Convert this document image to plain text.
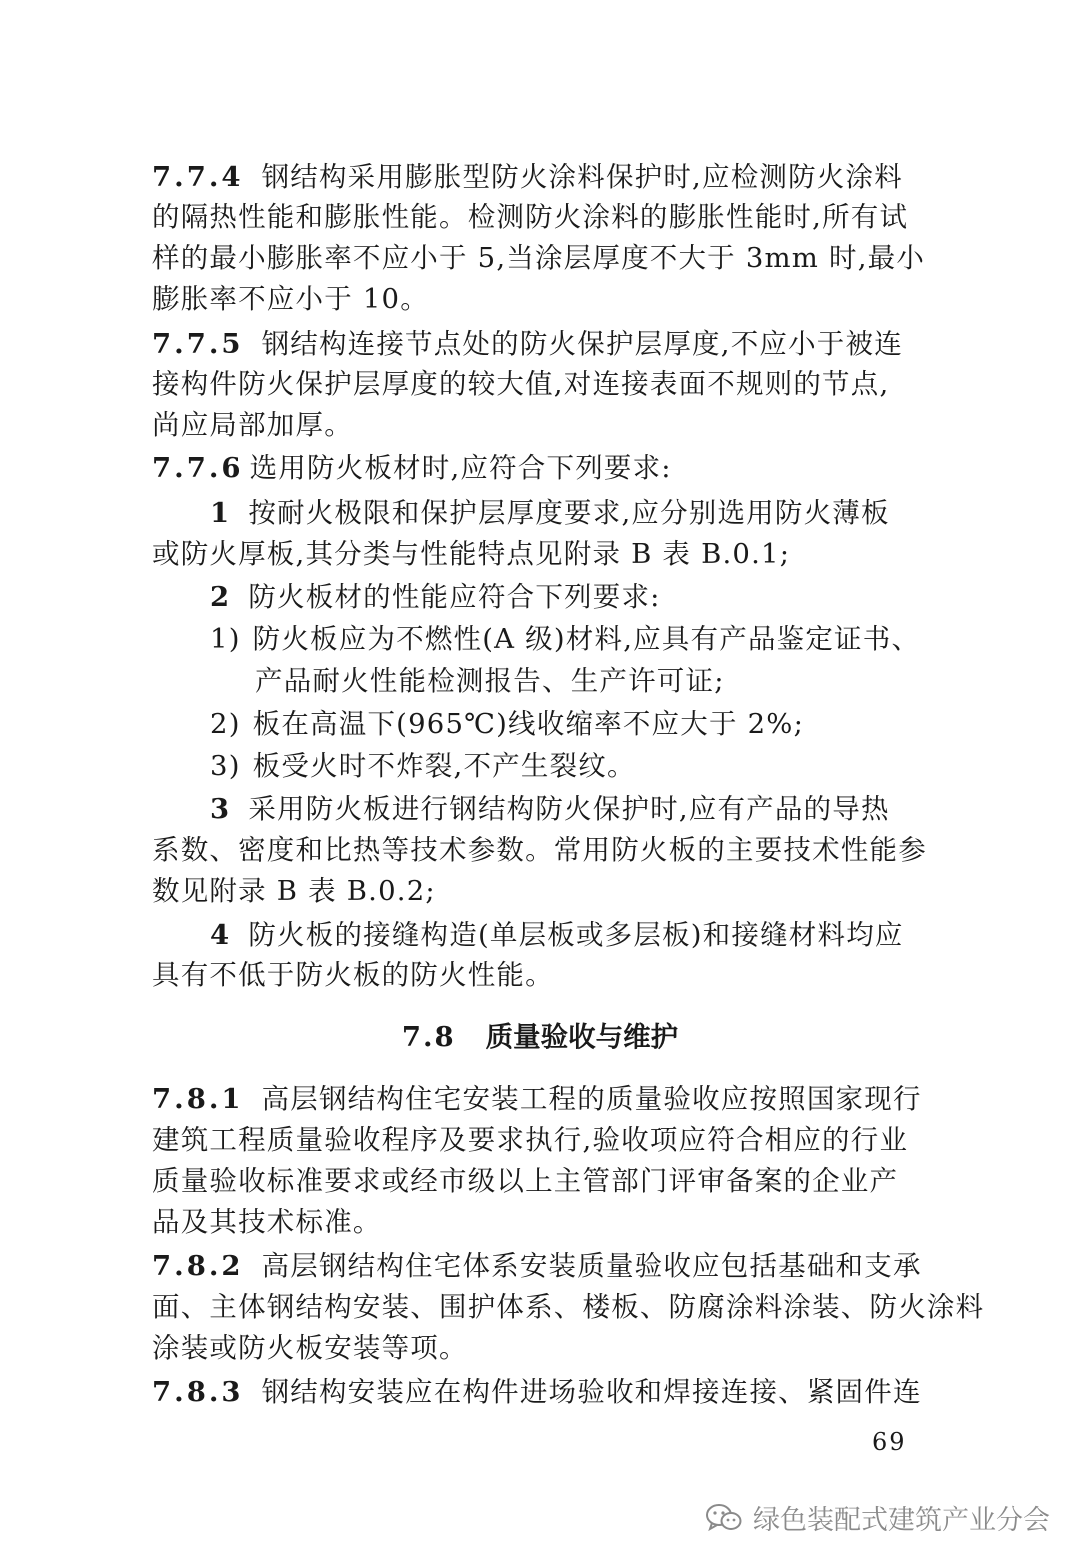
7.7.4 钢结构采用膨胀型防火涂料保护时,应检测防火涂料
的隔热性能和膨胀性能。检测防火涂料的膨胀性能时,所有试
样的最小膨胀率不应小于 5,当涂层厚度不大于 3mm 时,最小
膨胀率不应小于 10。
7.7.5 钢结构连接节点处的防火保护层厚度,不应小于被连
接构件防火保护层厚度的较大值,对连接表面不规则的节点,
尚应局部加厚。
7.7.6 选用防火板材时,应符合下列要求:
1 按耐火极限和保护层厚度要求,应分别选用防火薄板
或防火厚板,其分类与性能特点见附录 B 表 B.0.1;
2 防火板材的性能应符合下列要求:
1) 防火板应为不燃性(A 级)材料,应具有产品鉴定证书、
产品耐火性能检测报告、生产许可证;
2) 板在高温下(965℃)线收缩率不应大于 2%;
3) 板受火时不炸裂,不产生裂纹。
3 采用防火板进行钢结构防火保护时,应有产品的导热
系数、密度和比热等技术参数。常用防火板的主要技术性能参
数见附录 B 表 B.0.2;
4 防火板的接缝构造(单层板或多层板)和接缝材料均应
具有不低于防火板的防火性能。
7.8.1 高层钢结构住宅安装工程的质量验收应按照国家现行
建筑工程质量验收程序及要求执行,验收项应符合相应的行业
质量验收标准要求或经市级以上主管部门评审备案的企业产
品及其技术标准。
7.8.2 高层钢结构住宅体系安装质量验收应包括基础和支承
面、主体钢结构安装、围护体系、楼板、防腐涂料涂装、防火涂料
涂装或防火板安装等项。
7.8.3 钢结构安装应在构件进场验收和焊接连接、紧固件连
7.8 质量验收与维护
69
绿色装配式建筑产业分会
